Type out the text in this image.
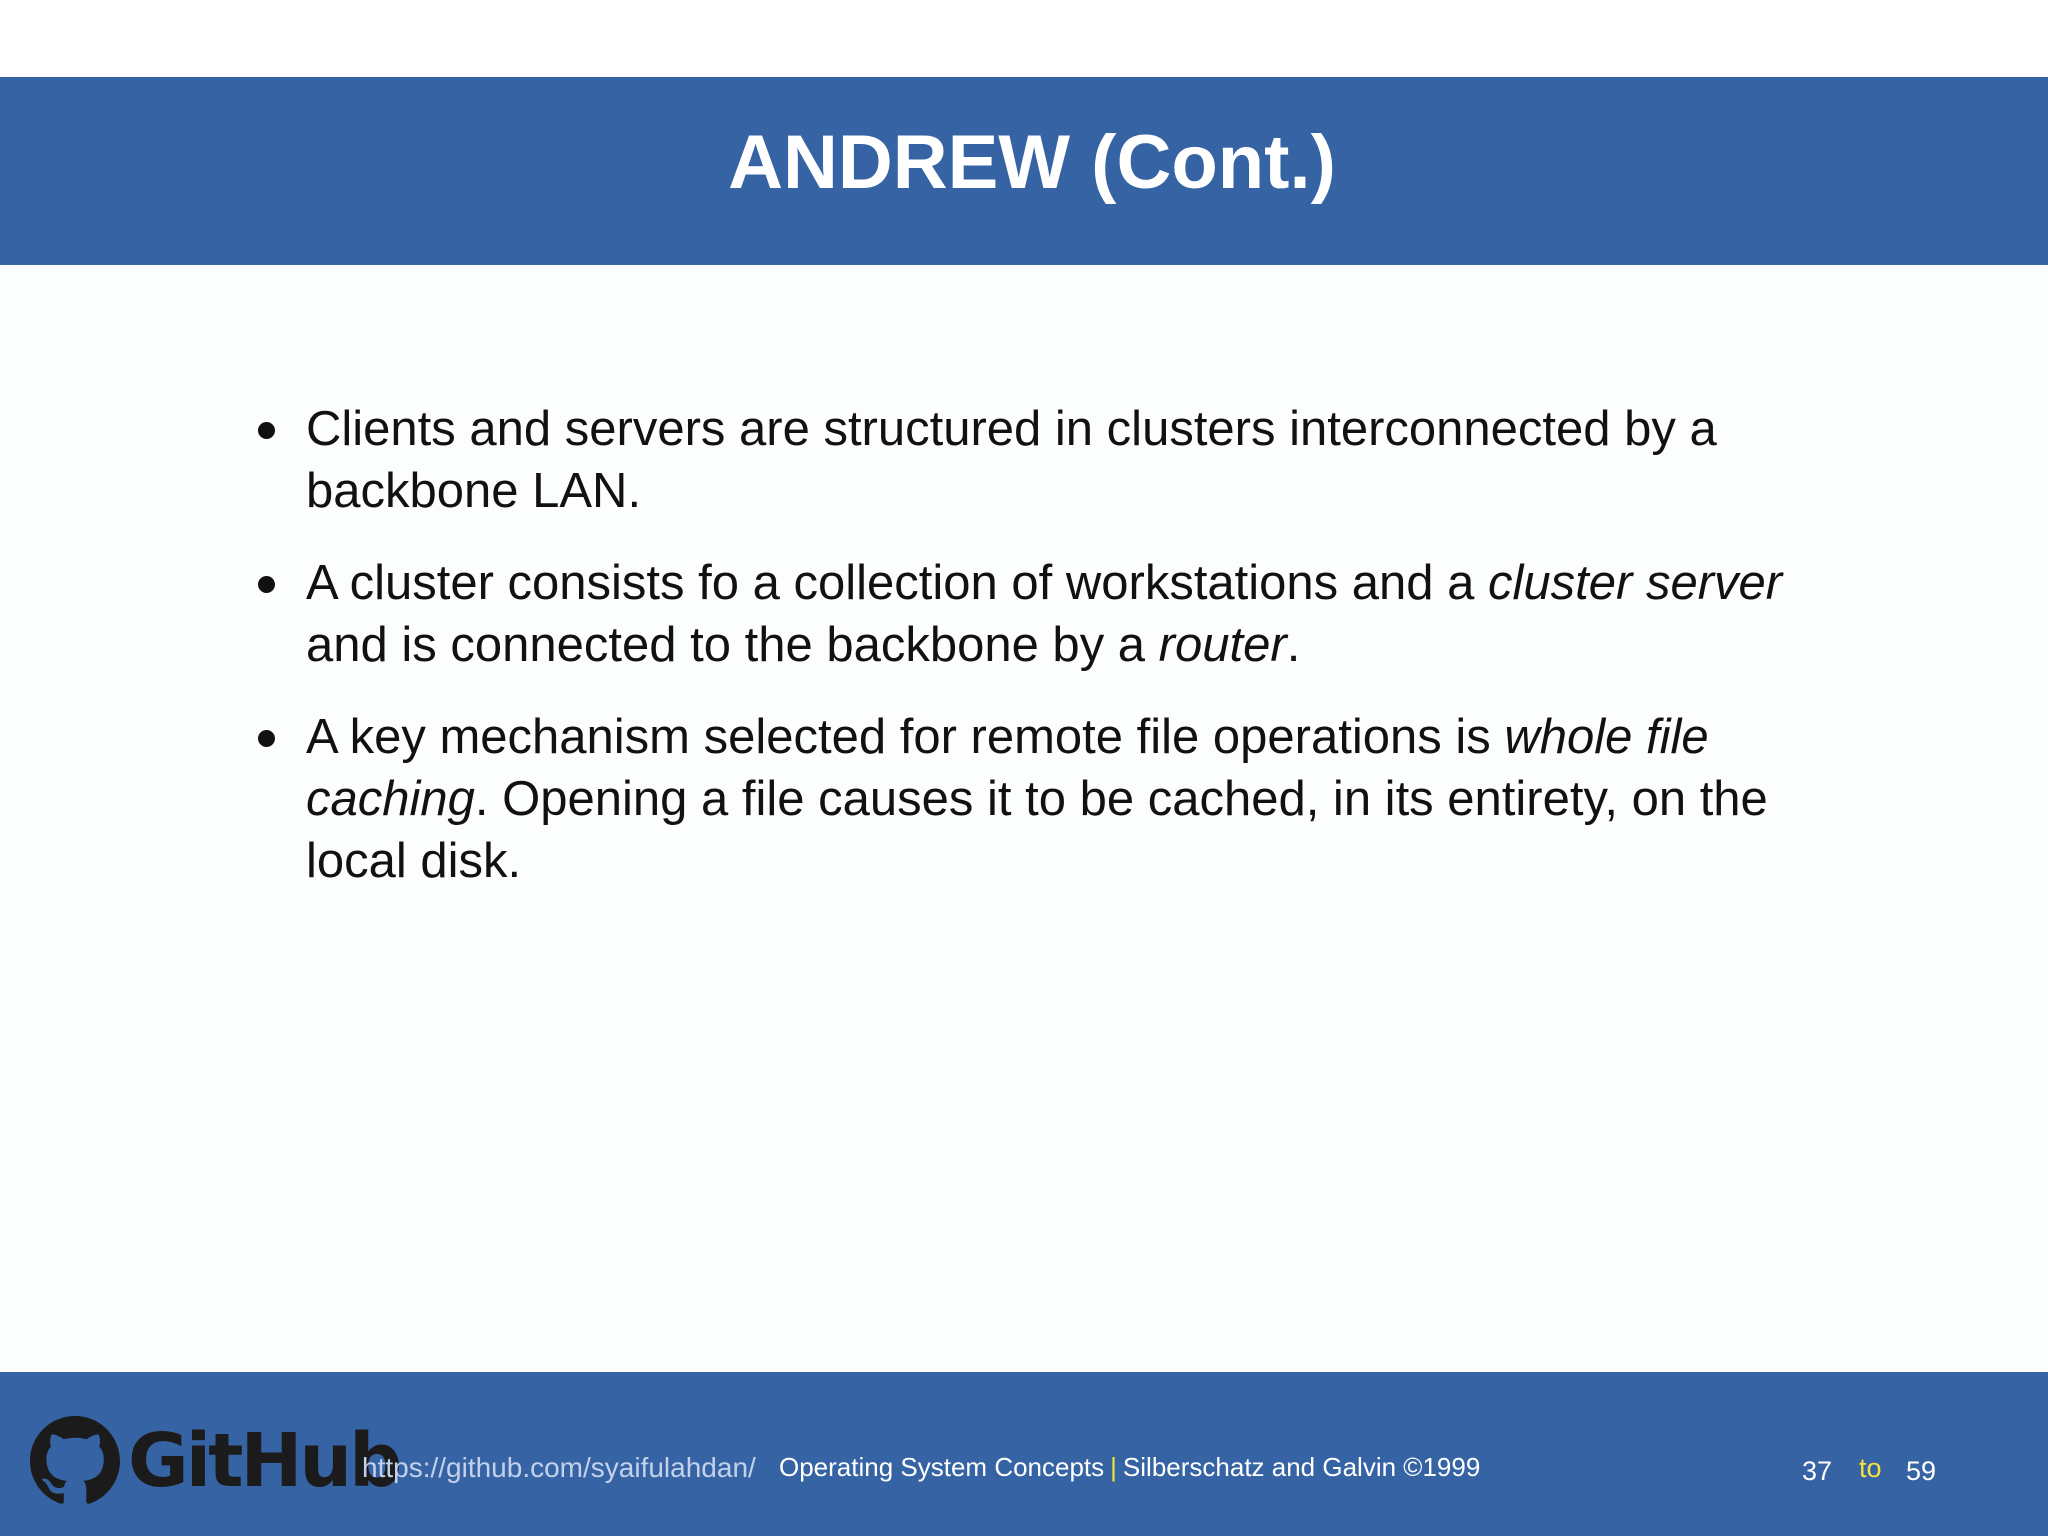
ANDREW (Cont.)
Clients and servers are structured in clusters interconnected by a backbone LAN.
A cluster consists fo a collection of workstations and a cluster server and is connected to the backbone by a router.
A key mechanism selected for remote file operations is whole file caching. Opening a file causes it to be cached, in its entirety, on the local disk.
GitHub
https://github.com/syaifulahdan/ Operating System Concepts | Silberschatz and Galvin ©1999	37 to 59
